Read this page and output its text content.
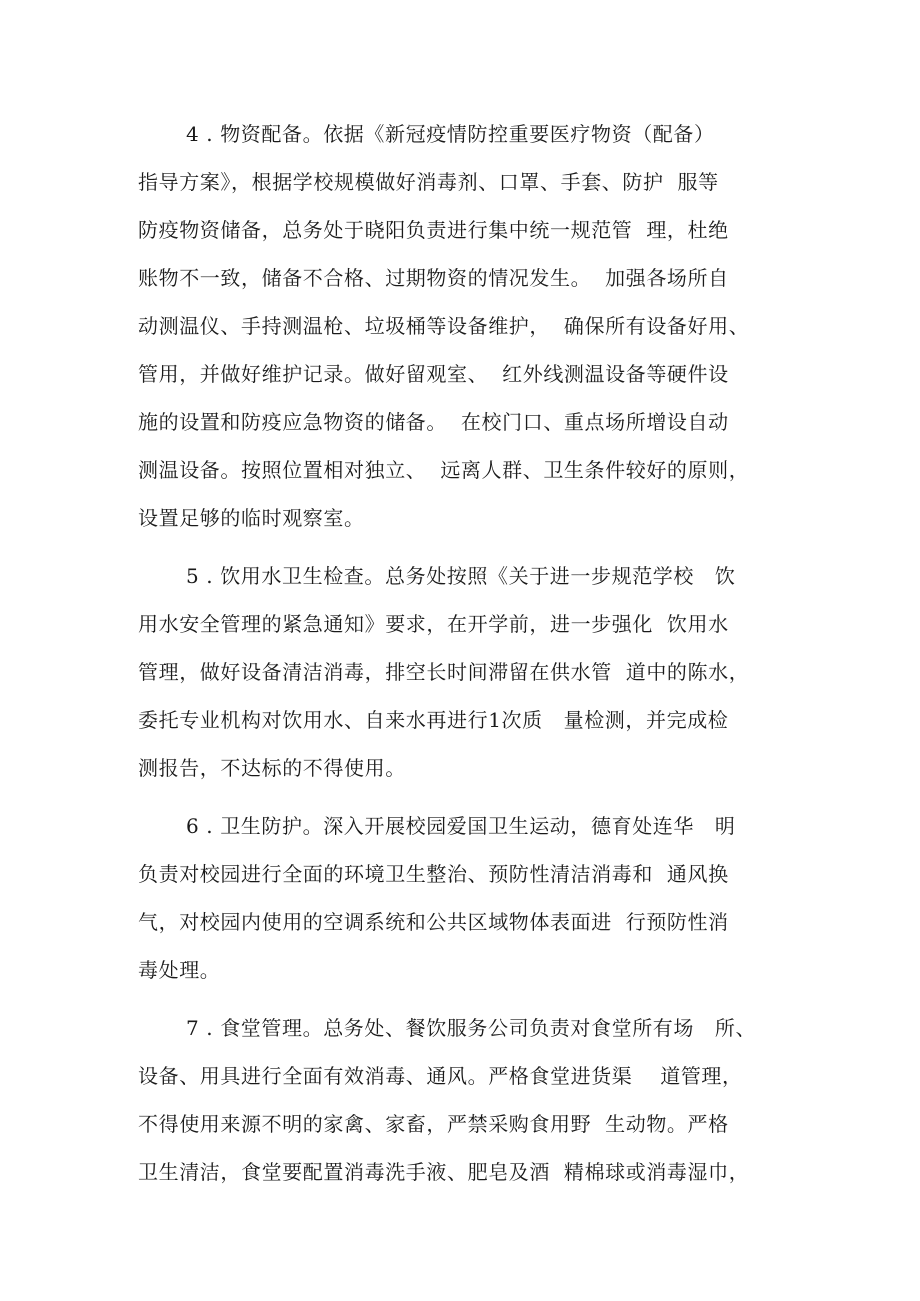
4 . 物资配备。依据《新冠疫情防控重要医疗物资（配备）
指导方案》，根据学校规模做好消毒剂、口罩、手套、防护  服等
防疫物资储备，总务处于晓阳负责进行集中统一规范管  理，杜绝
账物不一致，储备不合格、过期物资的情况发生。  加强各场所自
动测温仪、手持测温枪、垃圾桶等设备维护，  确保所有设备好用、
管用，并做好维护记录。做好留观室、  红外线测温设备等硬件设
施的设置和防疫应急物资的储备。  在校门口、重点场所增设自动
测温设备。按照位置相对独立、  远离人群、卫生条件较好的原则，
设置足够的临时观察室。
5 . 饮用水卫生检查。总务处按照《关于进一步规范学校   饮
用水安全管理的紧急通知》要求，在开学前，进一步强化  饮用水
管理，做好设备清洁消毒，排空长时间滞留在供水管  道中的陈水，
委托专业机构对饮用水、自来水再进行1次质   量检测，并完成检
测报告，不达标的不得使用。
6 . 卫生防护。深入开展校园爱国卫生运动，德育处连华   明
负责对校园进行全面的环境卫生整治、预防性清洁消毒和  通风换
气，对校园内使用的空调系统和公共区域物体表面进  行预防性消
毒处理。
7 . 食堂管理。总务处、餐饮服务公司负责对食堂所有场   所、
设备、用具进行全面有效消毒、通风。严格食堂进货渠    道管理，
不得使用来源不明的家禽、家畜，严禁采购食用野  生动物。严格
卫生清洁，食堂要配置消毒洗手液、肥皂及酒  精棉球或消毒湿巾，
